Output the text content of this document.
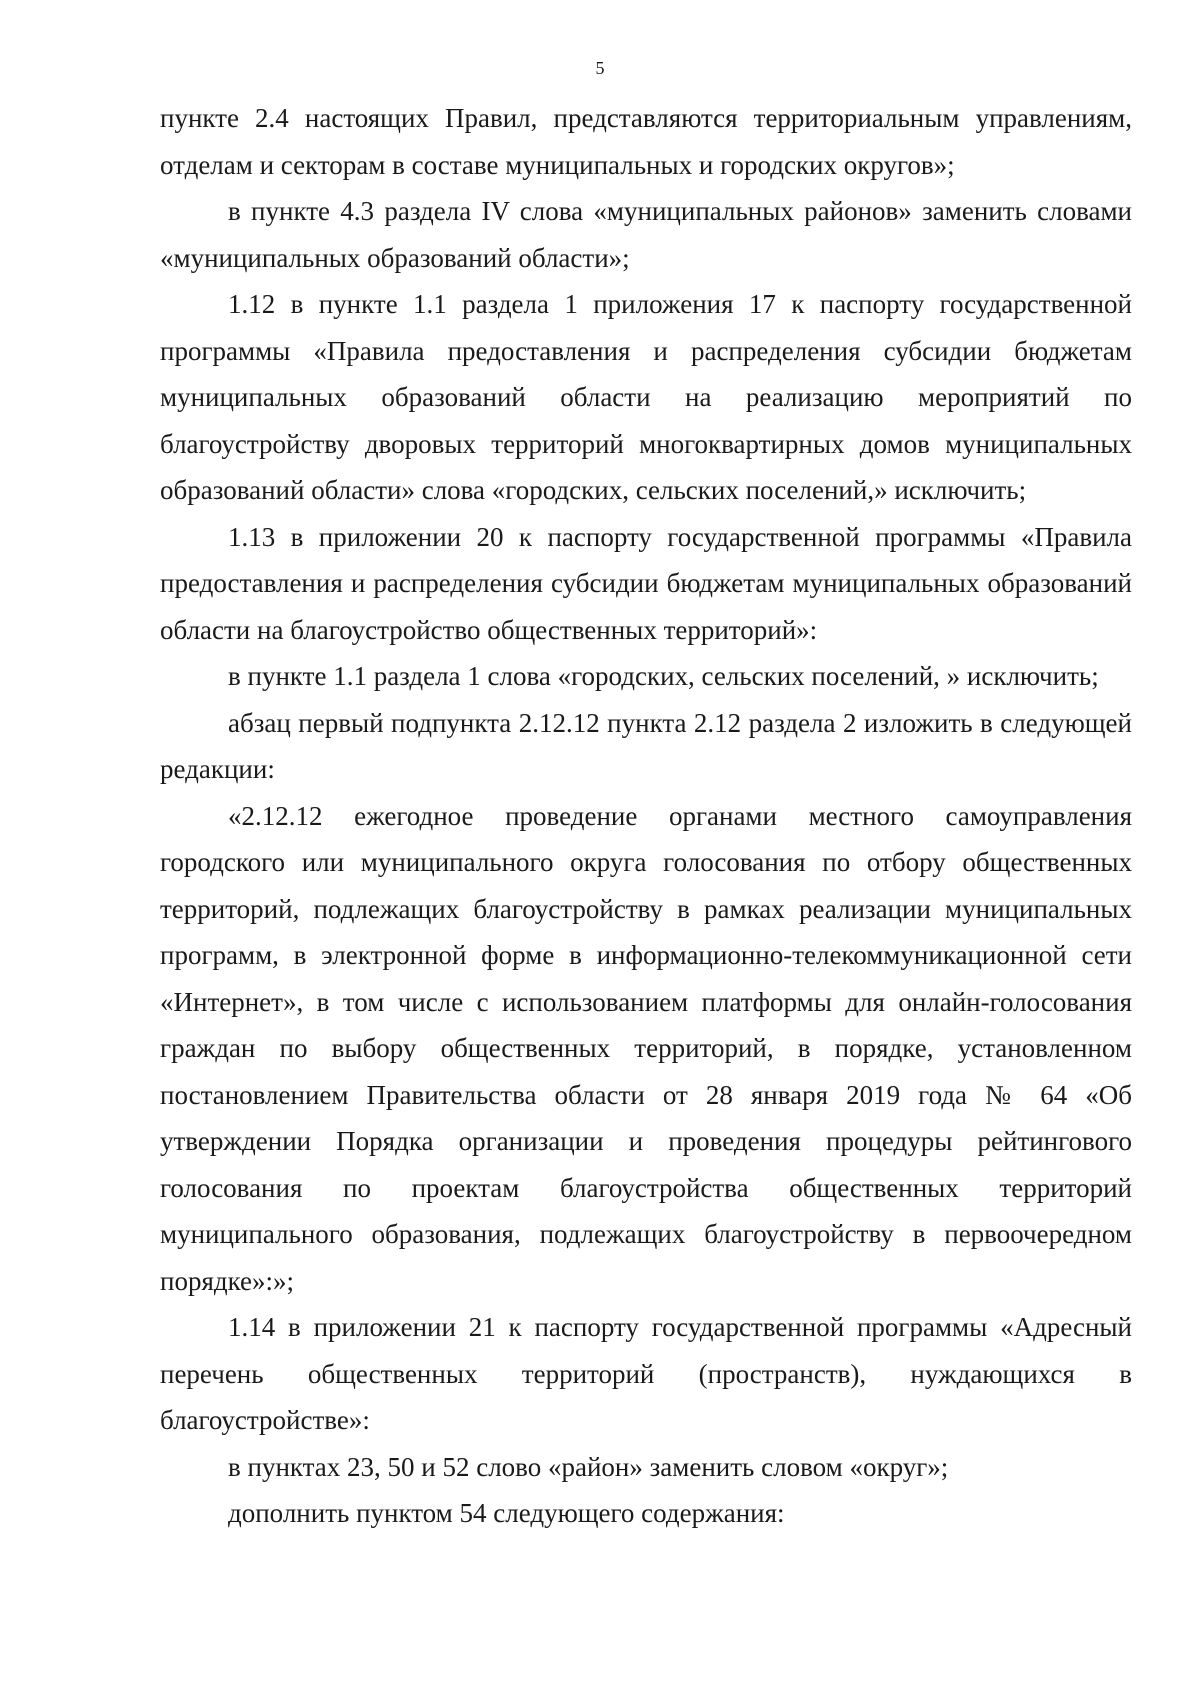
5

пункте 2.4 настоящих Правил, представляются территориальным управлениям, отделам и секторам в составе муниципальных и городских округов»;

в пункте 4.3 раздела IV слова «муниципальных районов» заменить словами «муниципальных образований области»;

1.12 в пункте 1.1 раздела 1 приложения 17 к паспорту государственной программы «Правила предоставления и распределения субсидии бюджетам муниципальных образований области на реализацию мероприятий по благоустройству дворовых территорий многоквартирных домов муниципальных образований области» слова «городских, сельских поселений,» исключить;

1.13 в приложении 20 к паспорту государственной программы «Правила предоставления и распределения субсидии бюджетам муниципальных образований области на благоустройство общественных территорий»:

в пункте 1.1 раздела 1 слова «городских, сельских поселений, » исключить;

абзац первый подпункта 2.12.12 пункта 2.12 раздела 2 изложить в следующей редакции:

«2.12.12 ежегодное проведение органами местного самоуправления городского или муниципального округа голосования по отбору общественных территорий, подлежащих благоустройству в рамках реализации муниципальных программ, в электронной форме в информационно-телекоммуникационной сети «Интернет», в том числе с использованием платформы для онлайн-голосования граждан по выбору общественных территорий, в порядке, установленном постановлением Правительства области от 28 января 2019 года № 64 «Об утверждении Порядка организации и проведения процедуры рейтингового голосования по проектам благоустройства общественных территорий муниципального образования, подлежащих благоустройству в первоочередном порядке»:»;

1.14 в приложении 21 к паспорту государственной программы «Адресный перечень общественных территорий (пространств), нуждающихся в благоустройстве»:

в пунктах 23, 50 и 52 слово «район» заменить словом «округ»;

дополнить пунктом 54 следующего содержания:
